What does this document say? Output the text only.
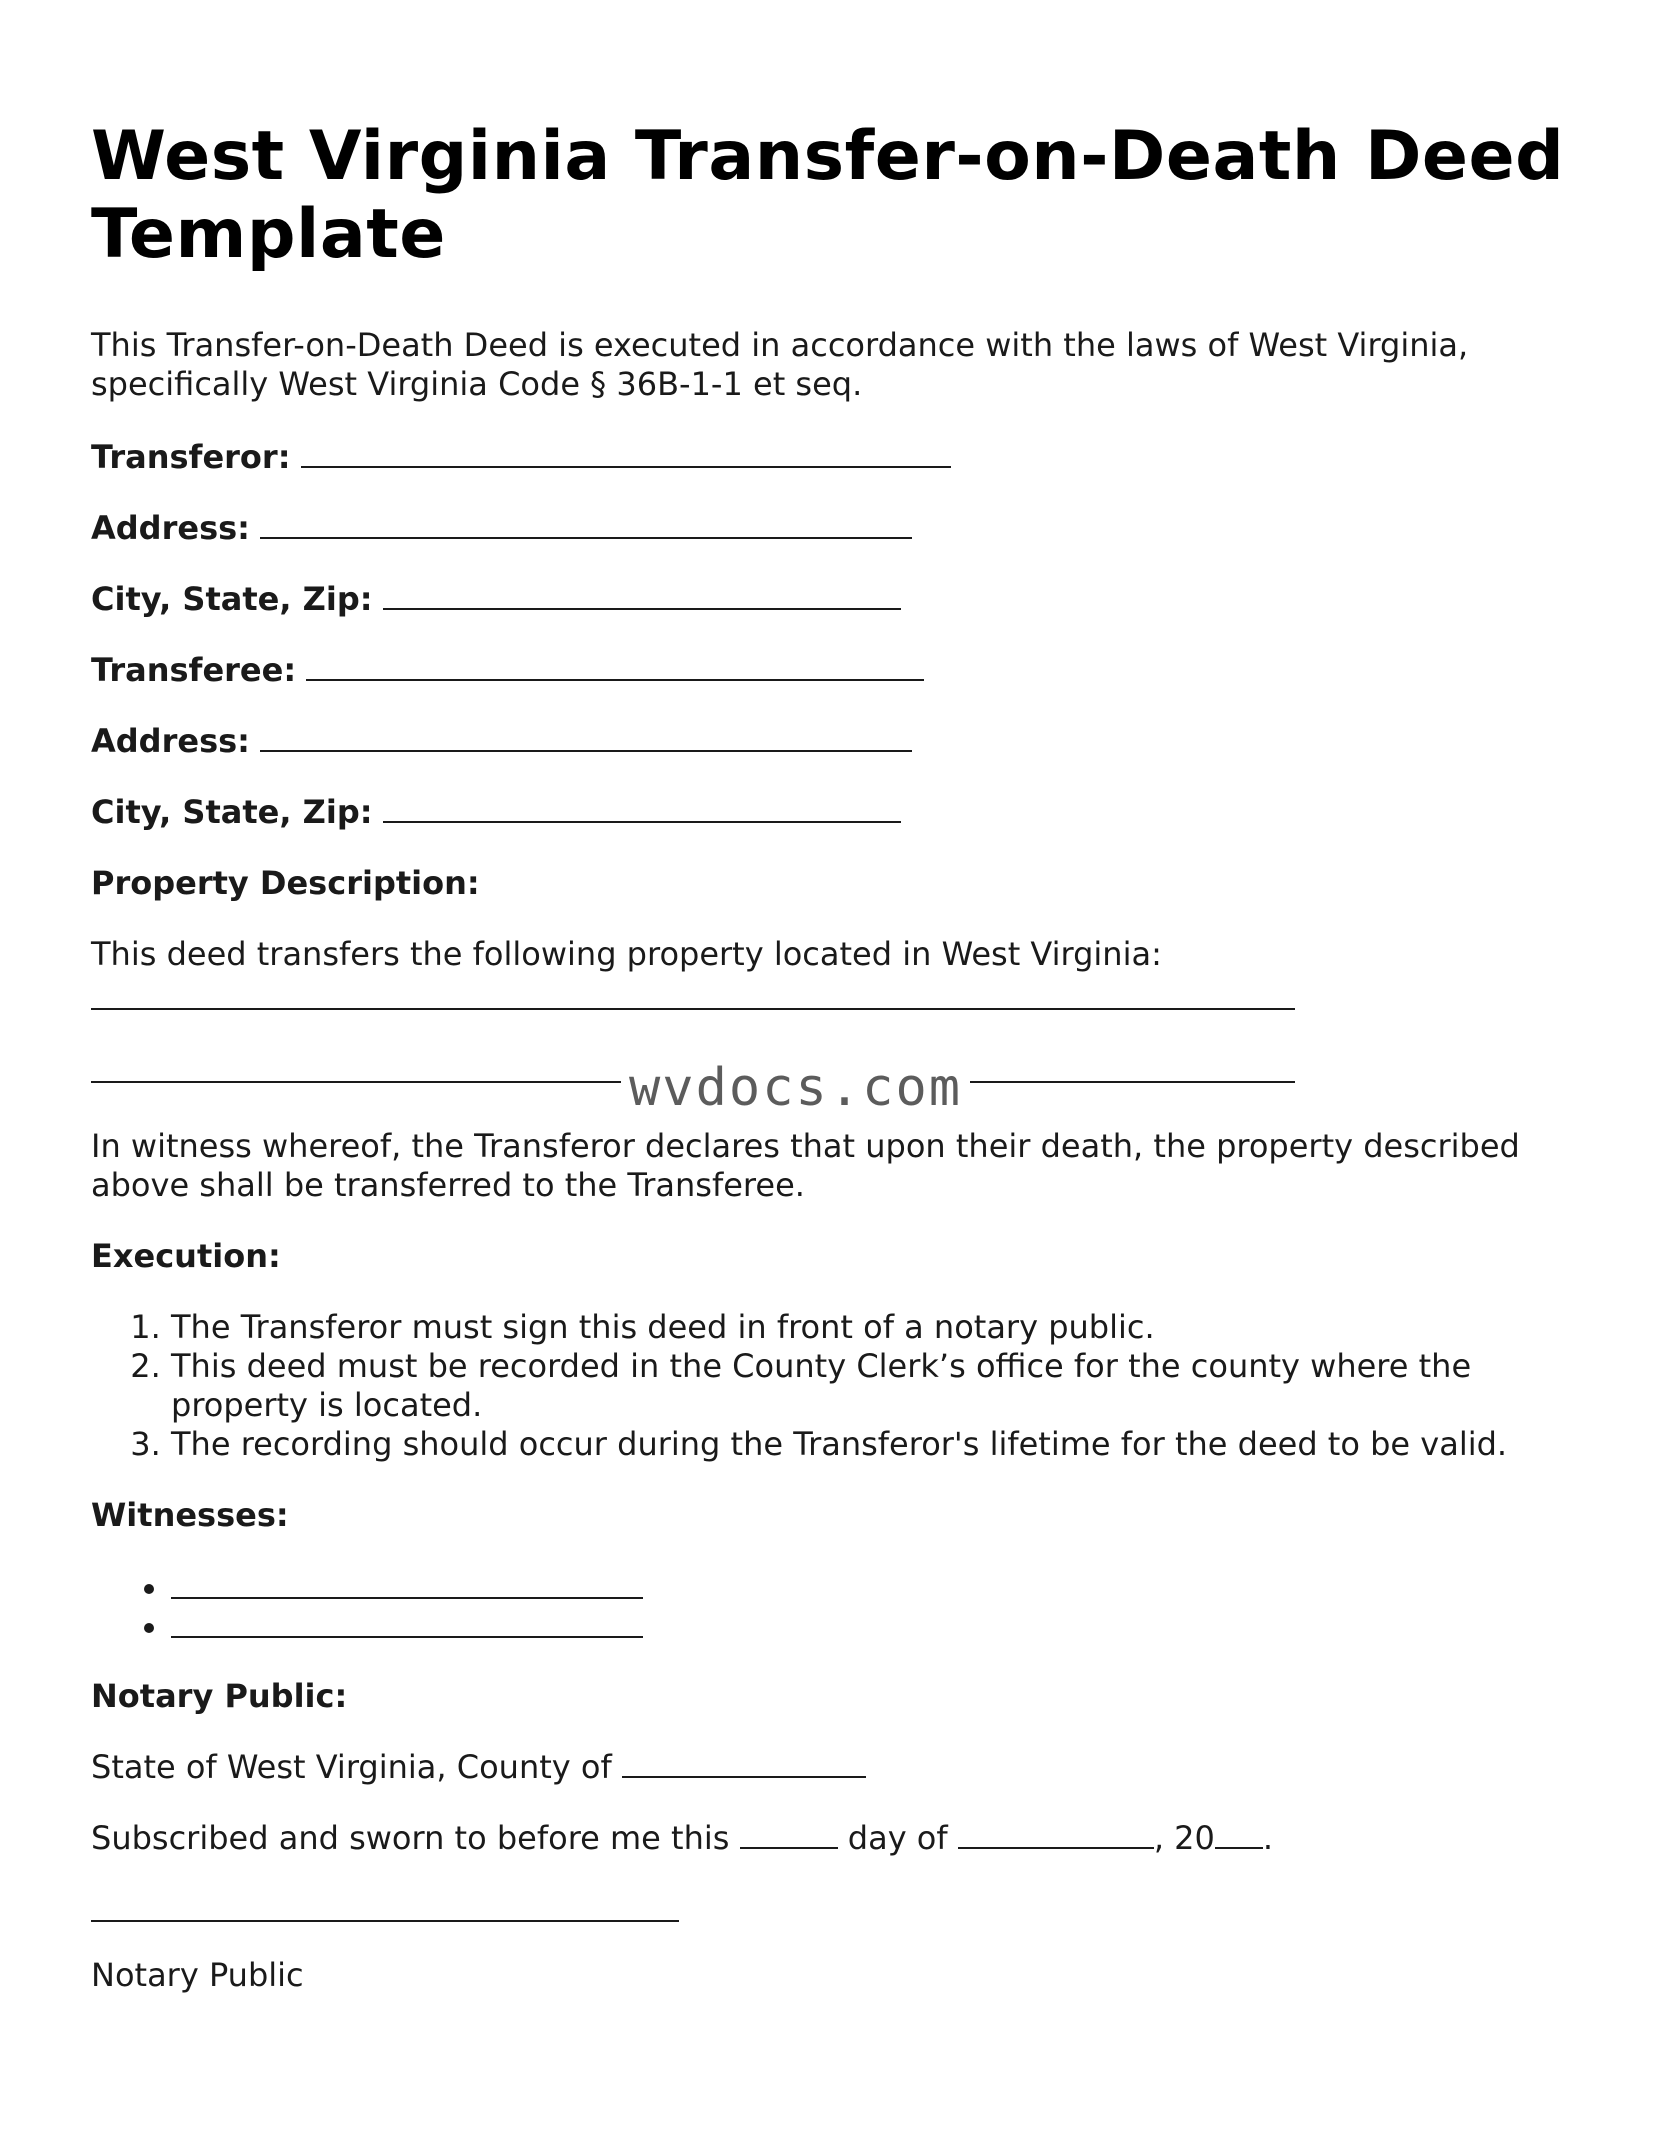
West Virginia Transfer-on-Death Deed Template

This Transfer-on-Death Deed is executed in accordance with the laws of West Virginia, specifically West Virginia Code § 36B-1-1 et seq.

Transferor:
Address:
City, State, Zip:
Transferee:
Address:
City, State, Zip:
Property Description:

This deed transfers the following property located in West Virginia:

wvdocs.com

In witness whereof, the Transferor declares that upon their death, the property described above shall be transferred to the Transferee.

Execution:
1. The Transferor must sign this deed in front of a notary public.
2. This deed must be recorded in the County Clerk’s office for the county where the property is located.
3. The recording should occur during the Transferor's lifetime for the deed to be valid.
Witnesses:
•
•
Notary Public:

State of West Virginia, County of

Subscribed and sworn to before me this	day of	, 20 .

Notary Public
